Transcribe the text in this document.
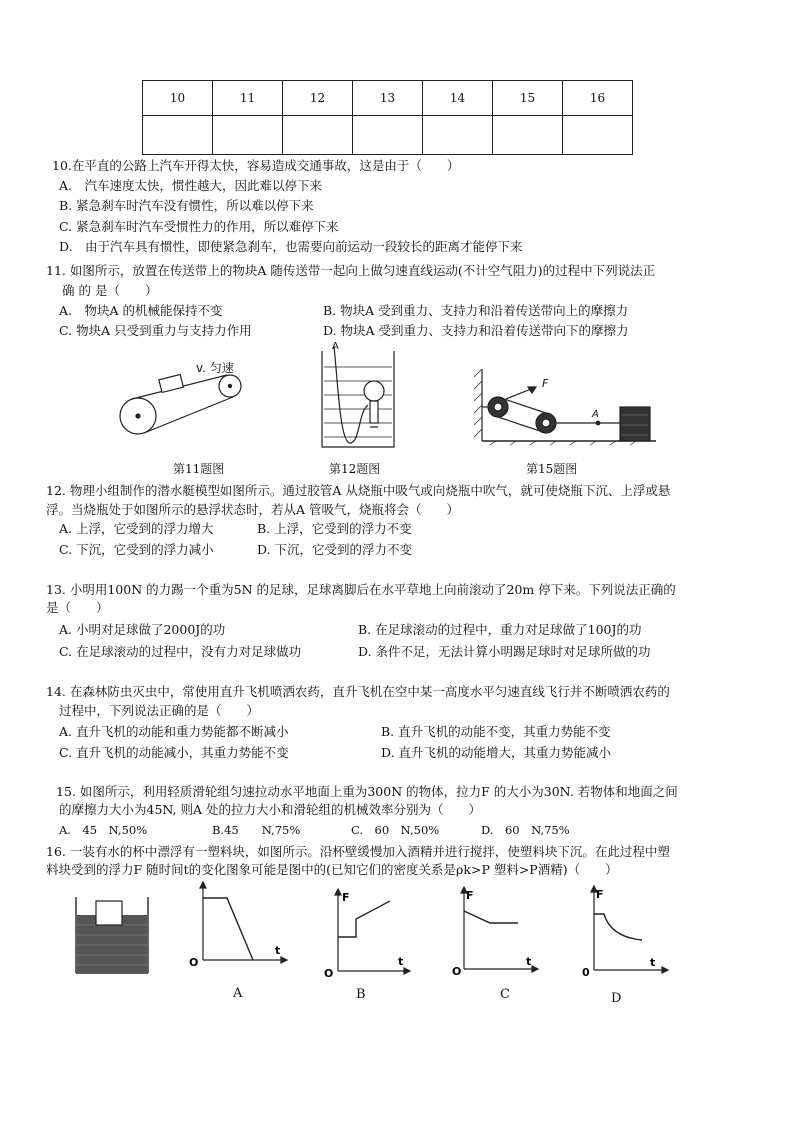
10	11	12	13	14	15	16

10.在平直的公路上汽车开得太快，容易造成交通事故，这是由于（　　）
A.　汽车速度太快，惯性越大，因此难以停下来
B. 紧急刹车时汽车没有惯性，所以难以停下来
C. 紧急刹车时汽车受惯性力的作用，所以难停下来
D.　由于汽车具有惯性，即使紧急刹车，也需要向前运动一段较长的距离才能停下来
11. 如图所示，放置在传送带上的物块A 随传送带一起向上做匀速直线运动(不计空气阻力)的过程中下列说法正
确 的 是（　　）
A.　物块A 的机械能保持不变	B. 物块A 受到重力、支持力和沿着传送带向上的摩擦力
C. 物块A 只受到重力与支持力作用	D. 物块A 受到重力、支持力和沿着传送带向下的摩擦力
v. 匀速
第11题图
A
第12题图
F
A
第15题图
12. 物理小组制作的潜水艇模型如图所示。通过胶管A 从烧瓶中吸气或向烧瓶中吹气，就可使烧瓶下沉、上浮或悬
浮。当烧瓶处于如图所示的悬浮状态时，若从A 管吸气，烧瓶将会（　　）
A. 上浮，它受到的浮力增大	B. 上浮，它受到的浮力不变
C. 下沉，它受到的浮力减小	D. 下沉，它受到的浮力不变
13. 小明用100N 的力踢一个重为5N 的足球，足球离脚后在水平草地上向前滚动了20m 停下来。下列说法正确的
是（　　）
A. 小明对足球做了2000J的功	B. 在足球滚动的过程中，重力对足球做了100J的功
C. 在足球滚动的过程中，没有力对足球做功	D. 条件不足，无法计算小明踢足球时对足球所做的功
14. 在森林防虫灭虫中，常使用直升飞机喷洒农药，直升飞机在空中某一高度水平匀速直线飞行并不断喷洒农药的
过程中，下列说法正确的是（　　）
A. 直升飞机的动能和重力势能都不断减小	B. 直升飞机的动能不变，其重力势能不变
C. 直升飞机的动能减小，其重力势能不变	D. 直升飞机的动能增大，其重力势能减小
15. 如图所示，利用轻质滑轮组匀速拉动水平地面上重为300N 的物体，拉力F 的大小为30N. 若物体和地面之间
的摩擦力大小为45N, 则A 处的拉力大小和滑轮组的机械效率分别为（　　）
A.　45　N,50%	B.45　　N,75%	C.　60　N,50%	D.　60　N,75%
16. 一装有水的杯中漂浮有一塑料块，如图所示。沿杯壁缓慢加入酒精并进行搅拌，使塑料块下沉。在此过程中塑
料块受到的浮力F 随时间t的变化图象可能是图中的(已知它们的密度关系是ρk>P 塑料>P酒精)（　　）
O
t
A
F
O
t
B
F
O
t
C
F
0
t
D
